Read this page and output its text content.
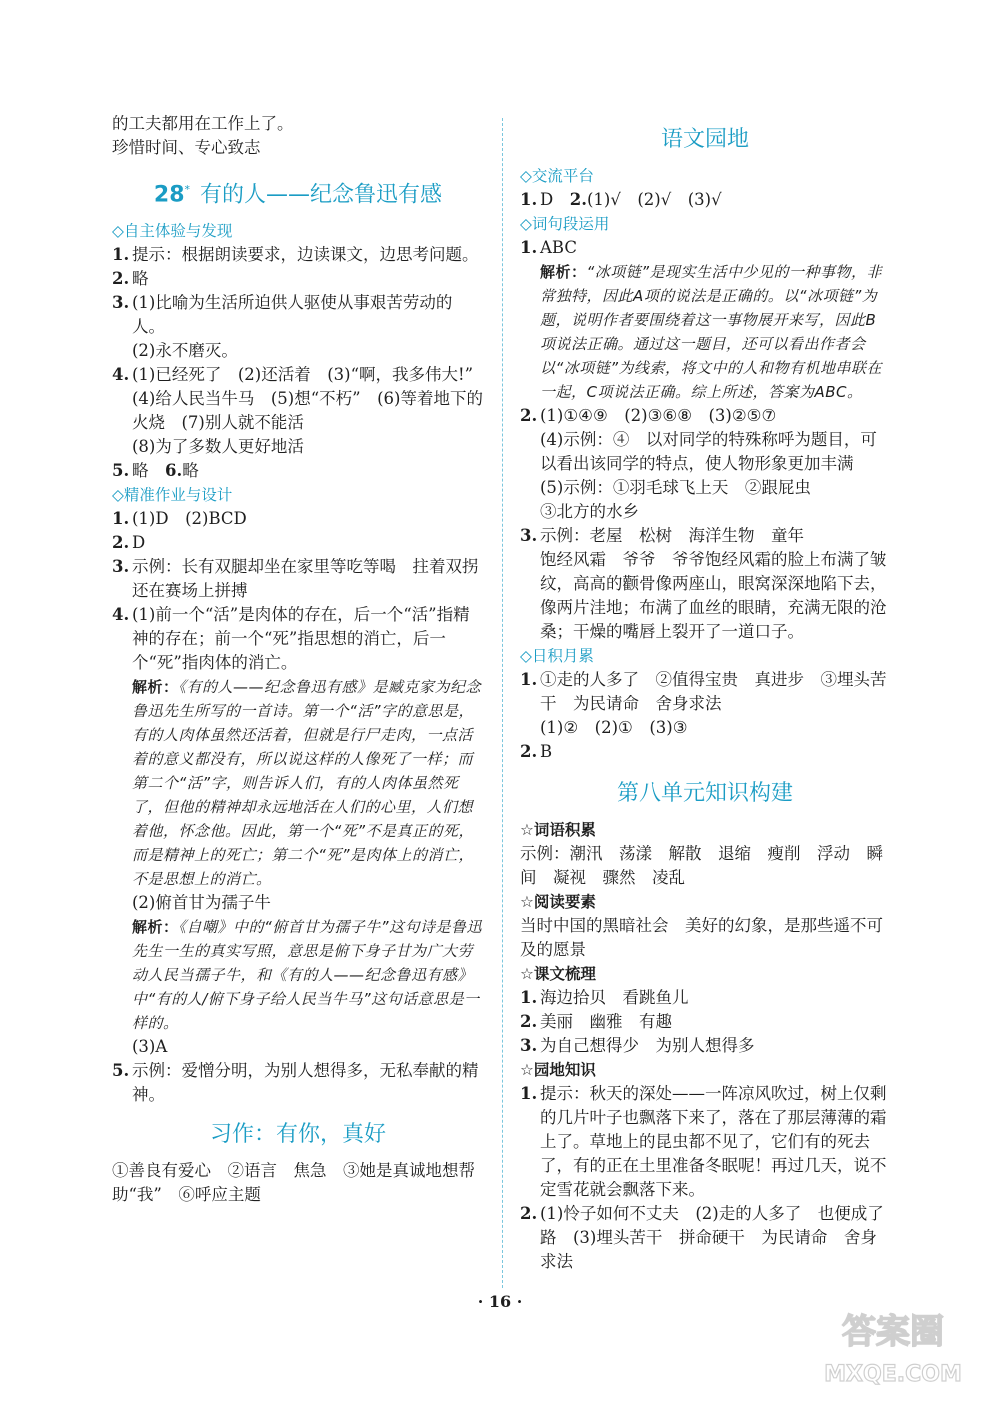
的工夫都用在工作上了。
珍惜时间、专心致志
28* 有的人——纪念鲁迅有感
◇自主体验与发现
1. 提示：根据朗读要求，边读课文，边思考问题。
2. 略
3. (1)比喻为生活所迫供人驱使从事艰苦劳动的人。
(2)永不磨灭。
4. (1)已经死了　(2)还活着　(3)“啊，我多伟大!”　(4)给人民当牛马　(5)想“不朽”　(6)等着地下的火烧　(7)别人就不能活
(8)为了多数人更好地活
5. 略　6.略
◇精准作业与设计
1. (1)D　(2)BCD
2. D
3. 示例：长有双腿却坐在家里等吃等喝　拄着双拐还在赛场上拼搏
4. (1)前一个“活”是肉体的存在，后一个“活”指精神的存在；前一个“死”指思想的消亡，后一个“死”指肉体的消亡。
解析：《有的人——纪念鲁迅有感》是臧克家为纪念鲁迅先生所写的一首诗。第一个“活”字的意思是，有的人肉体虽然还活着，但就是行尸走肉，一点活着的意义都没有，所以说这样的人像死了一样；而第二个“活”字，则告诉人们，有的人肉体虽然死了，但他的精神却永远地活在人们的心里，人们想着他，怀念他。因此，第一个“死”不是真正的死，而是精神上的死亡；第二个“死”是肉体上的消亡，不是思想上的消亡。
(2)俯首甘为孺子牛
解析：《自嘲》中的“俯首甘为孺子牛”这句诗是鲁迅先生一生的真实写照，意思是俯下身子甘为广大劳动人民当孺子牛，和《有的人——纪念鲁迅有感》中“有的人/俯下身子给人民当牛马”这句话意思是一样的。
(3)A
5. 示例：爱憎分明，为别人想得多，无私奉献的精神。
习作：有你，真好
①善良有爱心　②语言　焦急　③她是真诚地想帮助“我”　⑥呼应主题
语文园地
◇交流平台
1. D　2.(1)√　(2)√　(3)√
◇词句段运用
1. ABC
解析：“冰项链”是现实生活中少见的一种事物，非常独特，因此A项的说法是正确的。以“冰项链”为题，说明作者要围绕着这一事物展开来写，因此B项说法正确。通过这一题目，还可以看出作者会以“冰项链”为线索，将文中的人和物有机地串联在一起，C项说法正确。综上所述，答案为ABC。
2. (1)①④⑨　(2)③⑥⑧　(3)②⑤⑦
(4)示例：④　以对同学的特殊称呼为题目，可以看出该同学的特点，使人物形象更加丰满
(5)示例：①羽毛球飞上天　②跟屁虫
③北方的水乡
3. 示例：老屋　松树　海洋生物　童年
饱经风霜　爷爷　爷爷饱经风霜的脸上布满了皱纹，高高的颧骨像两座山，眼窝深深地陷下去，像两片洼地；布满了血丝的眼睛，充满无限的沧桑；干燥的嘴唇上裂开了一道口子。
◇日积月累
1. ①走的人多了　②值得宝贵　真进步　③埋头苦干　为民请命　舍身求法
(1)②　(2)①　(3)③
2. B
第八单元知识构建
☆词语积累
示例：潮汛　荡漾　解散　退缩　瘦削　浮动　瞬间　凝视　骤然　凌乱
☆阅读要素
当时中国的黑暗社会　美好的幻象，是那些遥不可及的愿景
☆课文梳理
1. 海边拾贝　看跳鱼儿
2. 美丽　幽雅　有趣
3. 为自己想得少　为别人想得多
☆园地知识
1. 提示：秋天的深处——一阵凉风吹过，树上仅剩的几片叶子也飘落下来了，落在了那层薄薄的霜上了。草地上的昆虫都不见了，它们有的死去了，有的正在土里准备冬眠呢！再过几天，说不定雪花就会飘落下来。
2. (1)怜子如何不丈夫　(2)走的人多了　也便成了路　(3)埋头苦干　拼命硬干　为民请命　舍身求法
· 16 ·
答案圈
MXQE.COM
